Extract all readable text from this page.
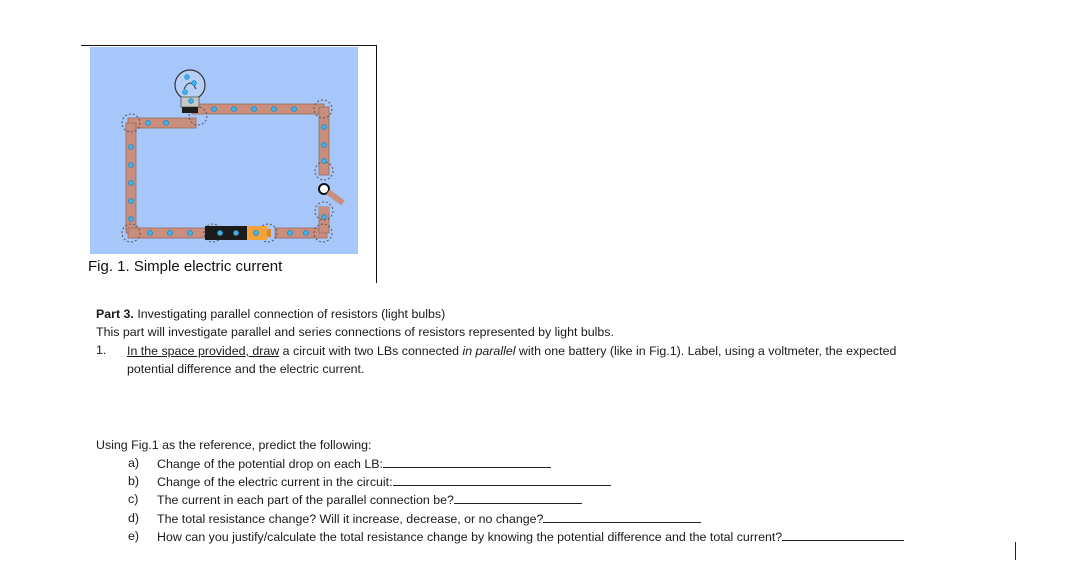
Fig. 1. Simple electric current
Part 3. Investigating parallel connection of resistors (light bulbs)
This part will investigate parallel and series connections of resistors represented by light bulbs.
1. In the space provided, draw a circuit with two LBs connected in parallel with one battery (like in Fig.1). Label, using a voltmeter, the expected
potential difference and the electric current.
Using Fig.1 as the reference, predict the following:
a) Change of the potential drop on each LB:
b) Change of the electric current in the circuit:
c) The current in each part of the parallel connection be?
d) The total resistance change? Will it increase, decrease, or no change?
e) How can you justify/calculate the total resistance change by knowing the potential difference and the total current?
